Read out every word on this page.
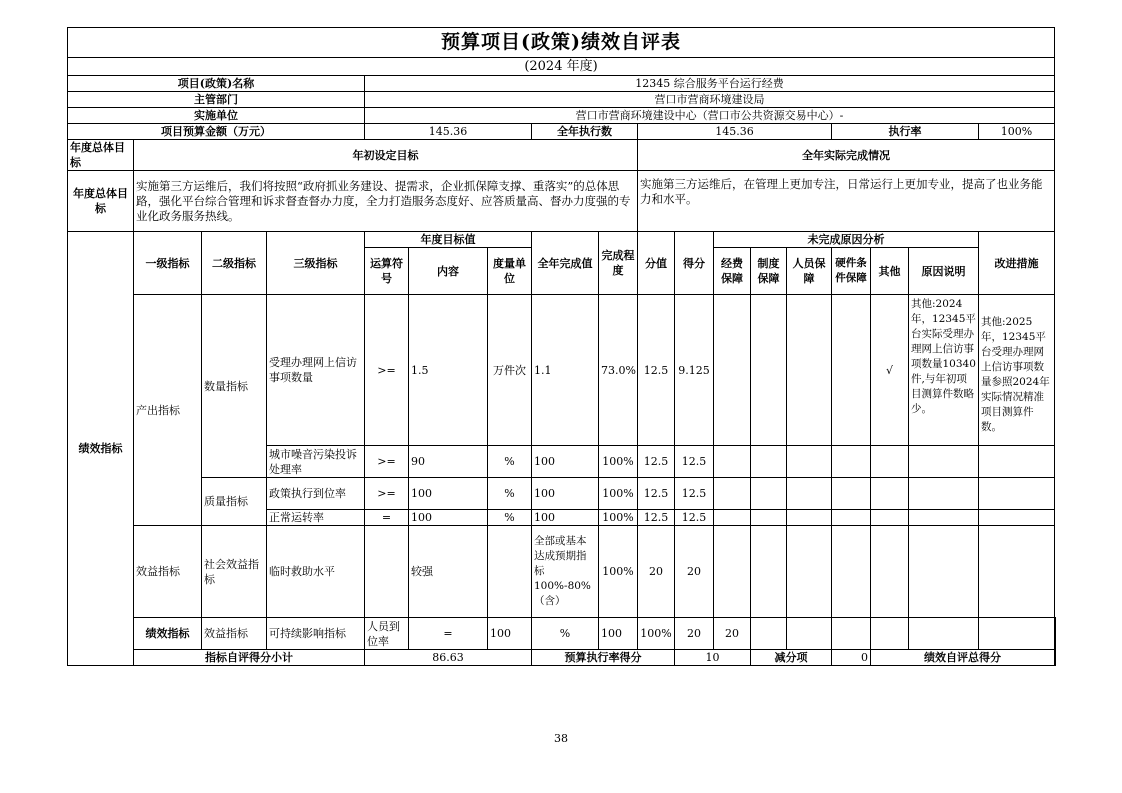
预算项目(政策)绩效自评表																		
(2024 年度)																		
项目(政策)名称				12345 综合服务平台运行经费														
主管部门				营口市营商环境建设局														
实施单位				营口市营商环境建设中心（营口市公共资源交易中心）-														
项目预算金额（万元）				145.36			全年执行数		145.36					执行率			100%	
年度总体目标	年初设定目标								全年实际完成情况									
年度总体目标	实施第三方运维后，我们将按照“政府抓业务建设、提需求，企业抓保障支撑、重落实”的总体思路，强化平台综合管理和诉求督查督办力度，全力打造服务态度好、应答质量高、督办力度强的专业化政务服务热线。								实施第三方运维后，在管理上更加专注，日常运行上更加专业，提高了也业务能力和水平。									
绩效指标	一级指标	二级指标	三级指标	年度目标值			全年完成值	完成程度	分值	得分	未完成原因分析						改进措施	
				运算符号	内容	度量单位					经费保障	制度保障	人员保障	硬件条件保障	其他	原因说明		
	产出指标	数量指标	受理办理网上信访事项数量	>=	1.5	万件次	1.1	73.0%	12.5	9.125					√	其他:2024年，12345平台实际受理办理网上信访事项数量10340件,与年初项目测算件数略少。	其他:2025年，12345平台受理办理网上信访事项数量参照2024年实际情况精准项目测算件数。	
			城市噪音污染投诉处理率	>=	90	%	100	100%	12.5	12.5								
		质量指标	政策执行到位率	>=	100	%	100	100%	12.5	12.5								
			正常运转率	=	100	%	100	100%	12.5	12.5								
	效益指标	社会效益指标	临时救助水平		较强		全部或基本达成预期指标100%-80%（含）	100%	20	20								
	绩效指标	效益指标	可持续影响指标	人员到位率	=	100	%	100	100%	20	20							
	指标自评得分小计			86.63			预算执行率得分			10		减分项		0	绩效自评总得分	
38
